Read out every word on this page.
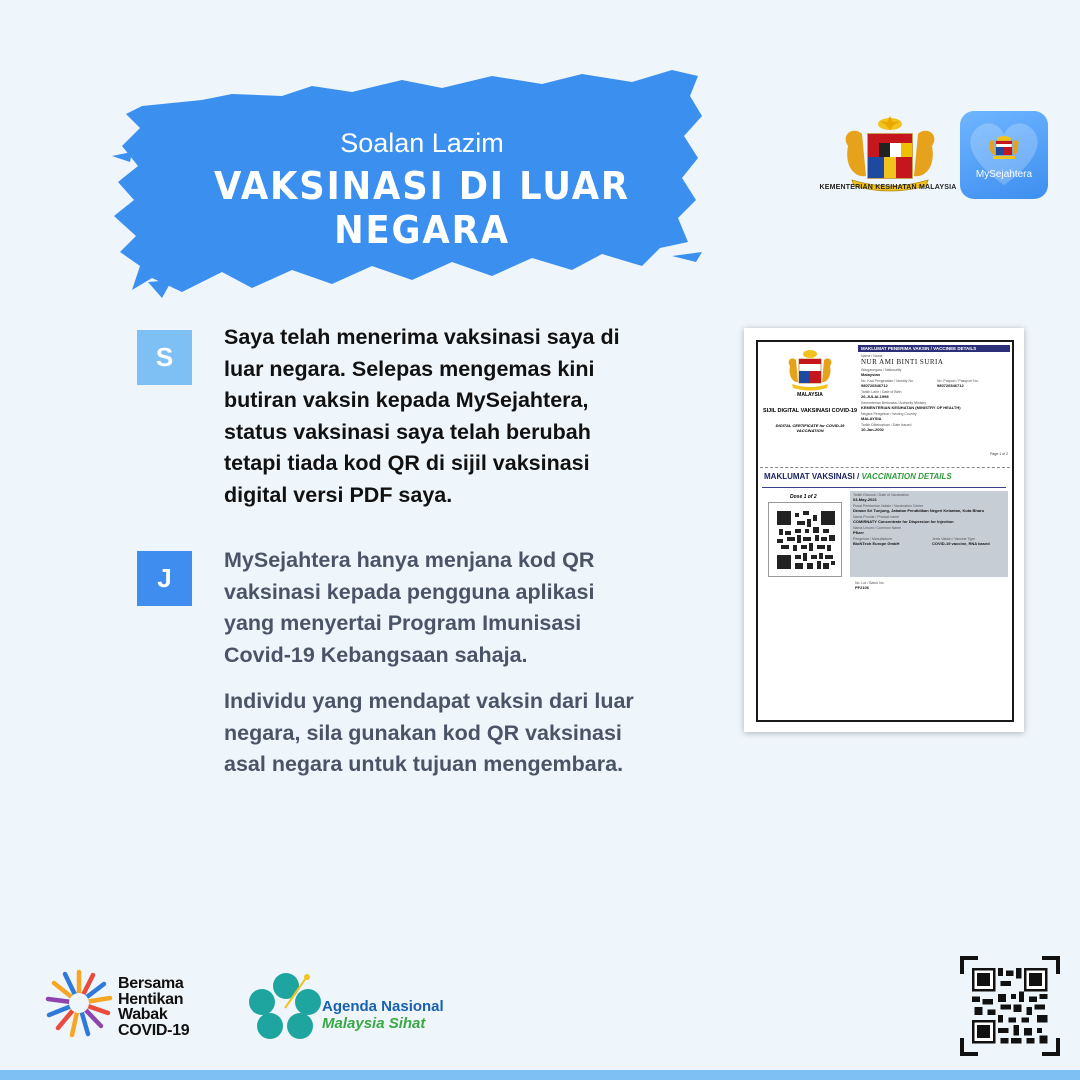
Soalan Lazim
VAKSINASI DI LUAR NEGARA
KEMENTERIAN KESIHATAN MALAYSIA
MySejahtera
S
Saya telah menerima vaksinasi saya di luar negara. Selepas mengemas kini butiran vaksin kepada MySejahtera, status vaksinasi saya telah berubah tetapi tiada kod QR di sijil vaksinasi digital versi PDF saya.
J
MySejahtera hanya menjana kod QR vaksinasi kepada pengguna aplikasi yang menyertai Program Imunisasi Covid-19 Kebangsaan sahaja.
Individu yang mendapat vaksin dari luar negara, sila gunakan kod QR vaksinasi asal negara untuk tujuan mengembara.
MALAYSIA
SIJIL DIGITAL VAKSINASI COVID-19
DIGITAL CERTIFICATE for COVID-19 VACCINATION
MAKLUMAT PENERIMA VAKSIN / VACCINEE DETAILS
Nama / Name
NUR AMI BINTI SURIA
Warganegara / Nationality
Malaysian
No. Kad Pengenalan / Identity No.
980726546712
No. Pasport / Passport No.
980726546712
Tarikh Lahir / Date of Birth
26-JULAI-1998
Kementerian Berkuasa / Authority Ministry
KEMENTERIAN KESIHATAN (MINISTRY OF HEALTH)
Negara Pengeluar / Issuing Country
MALAYSIA
Tarikh Dikeluarkan / Date Issued
10-Jan-2002
Page 1 of 2
MAKLUMAT VAKSINASI / VACCINATION DETAILS
Dose 1 of 2	Tarikh Dicucuk / Date of Vaccination
03-May-2021
Pusat Pemberian Vaksin / Vaccination Center
Dewan Sri Tunjung, Jabatan Pendidikan Negeri Kelantan, Kota Bharu
Nama Produk / Product name
COMIRNATY Concentrate for Dispersion for Injection
Nama Umum / Common Name
Pfizer
Pengeluar / Manufacturer
BioNTech Europe GmbH
Jenis Vaksin / Vaccine Type
COVID-19 vaccine, RNA based
No. Lot / Batch No.
PF2106
Bersama
Hentikan
Wabak
COVID-19
Agenda Nasional
Malaysia Sihat
